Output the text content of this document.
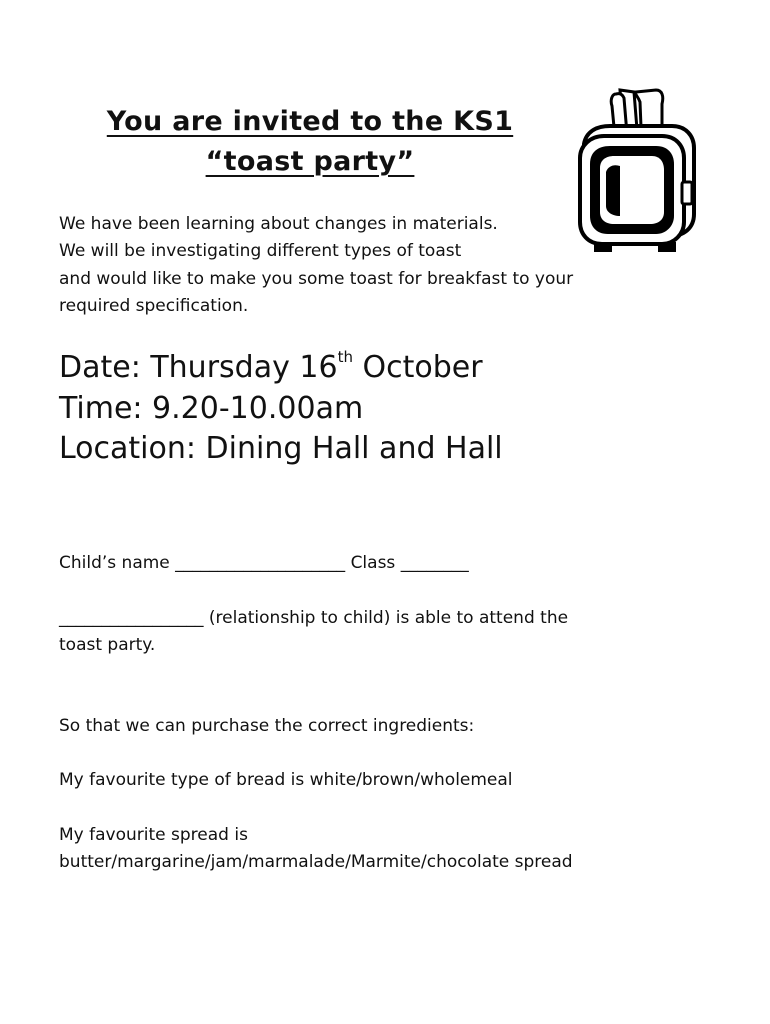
You are invited to the KS1
“toast party”
We have been learning about changes in materials.
We will be investigating different types of toast
and would like to make you some toast for breakfast to your
required specification.
Date: Thursday 16th October
Time: 9.20-10.00am
Location: Dining Hall and Hall
Child’s name ____________________ Class ________
_________________ (relationship to child) is able to attend the
toast party.
So that we can purchase the correct ingredients:
My favourite type of bread is white/brown/wholemeal
My favourite spread is
butter/margarine/jam/marmalade/Marmite/chocolate spread
